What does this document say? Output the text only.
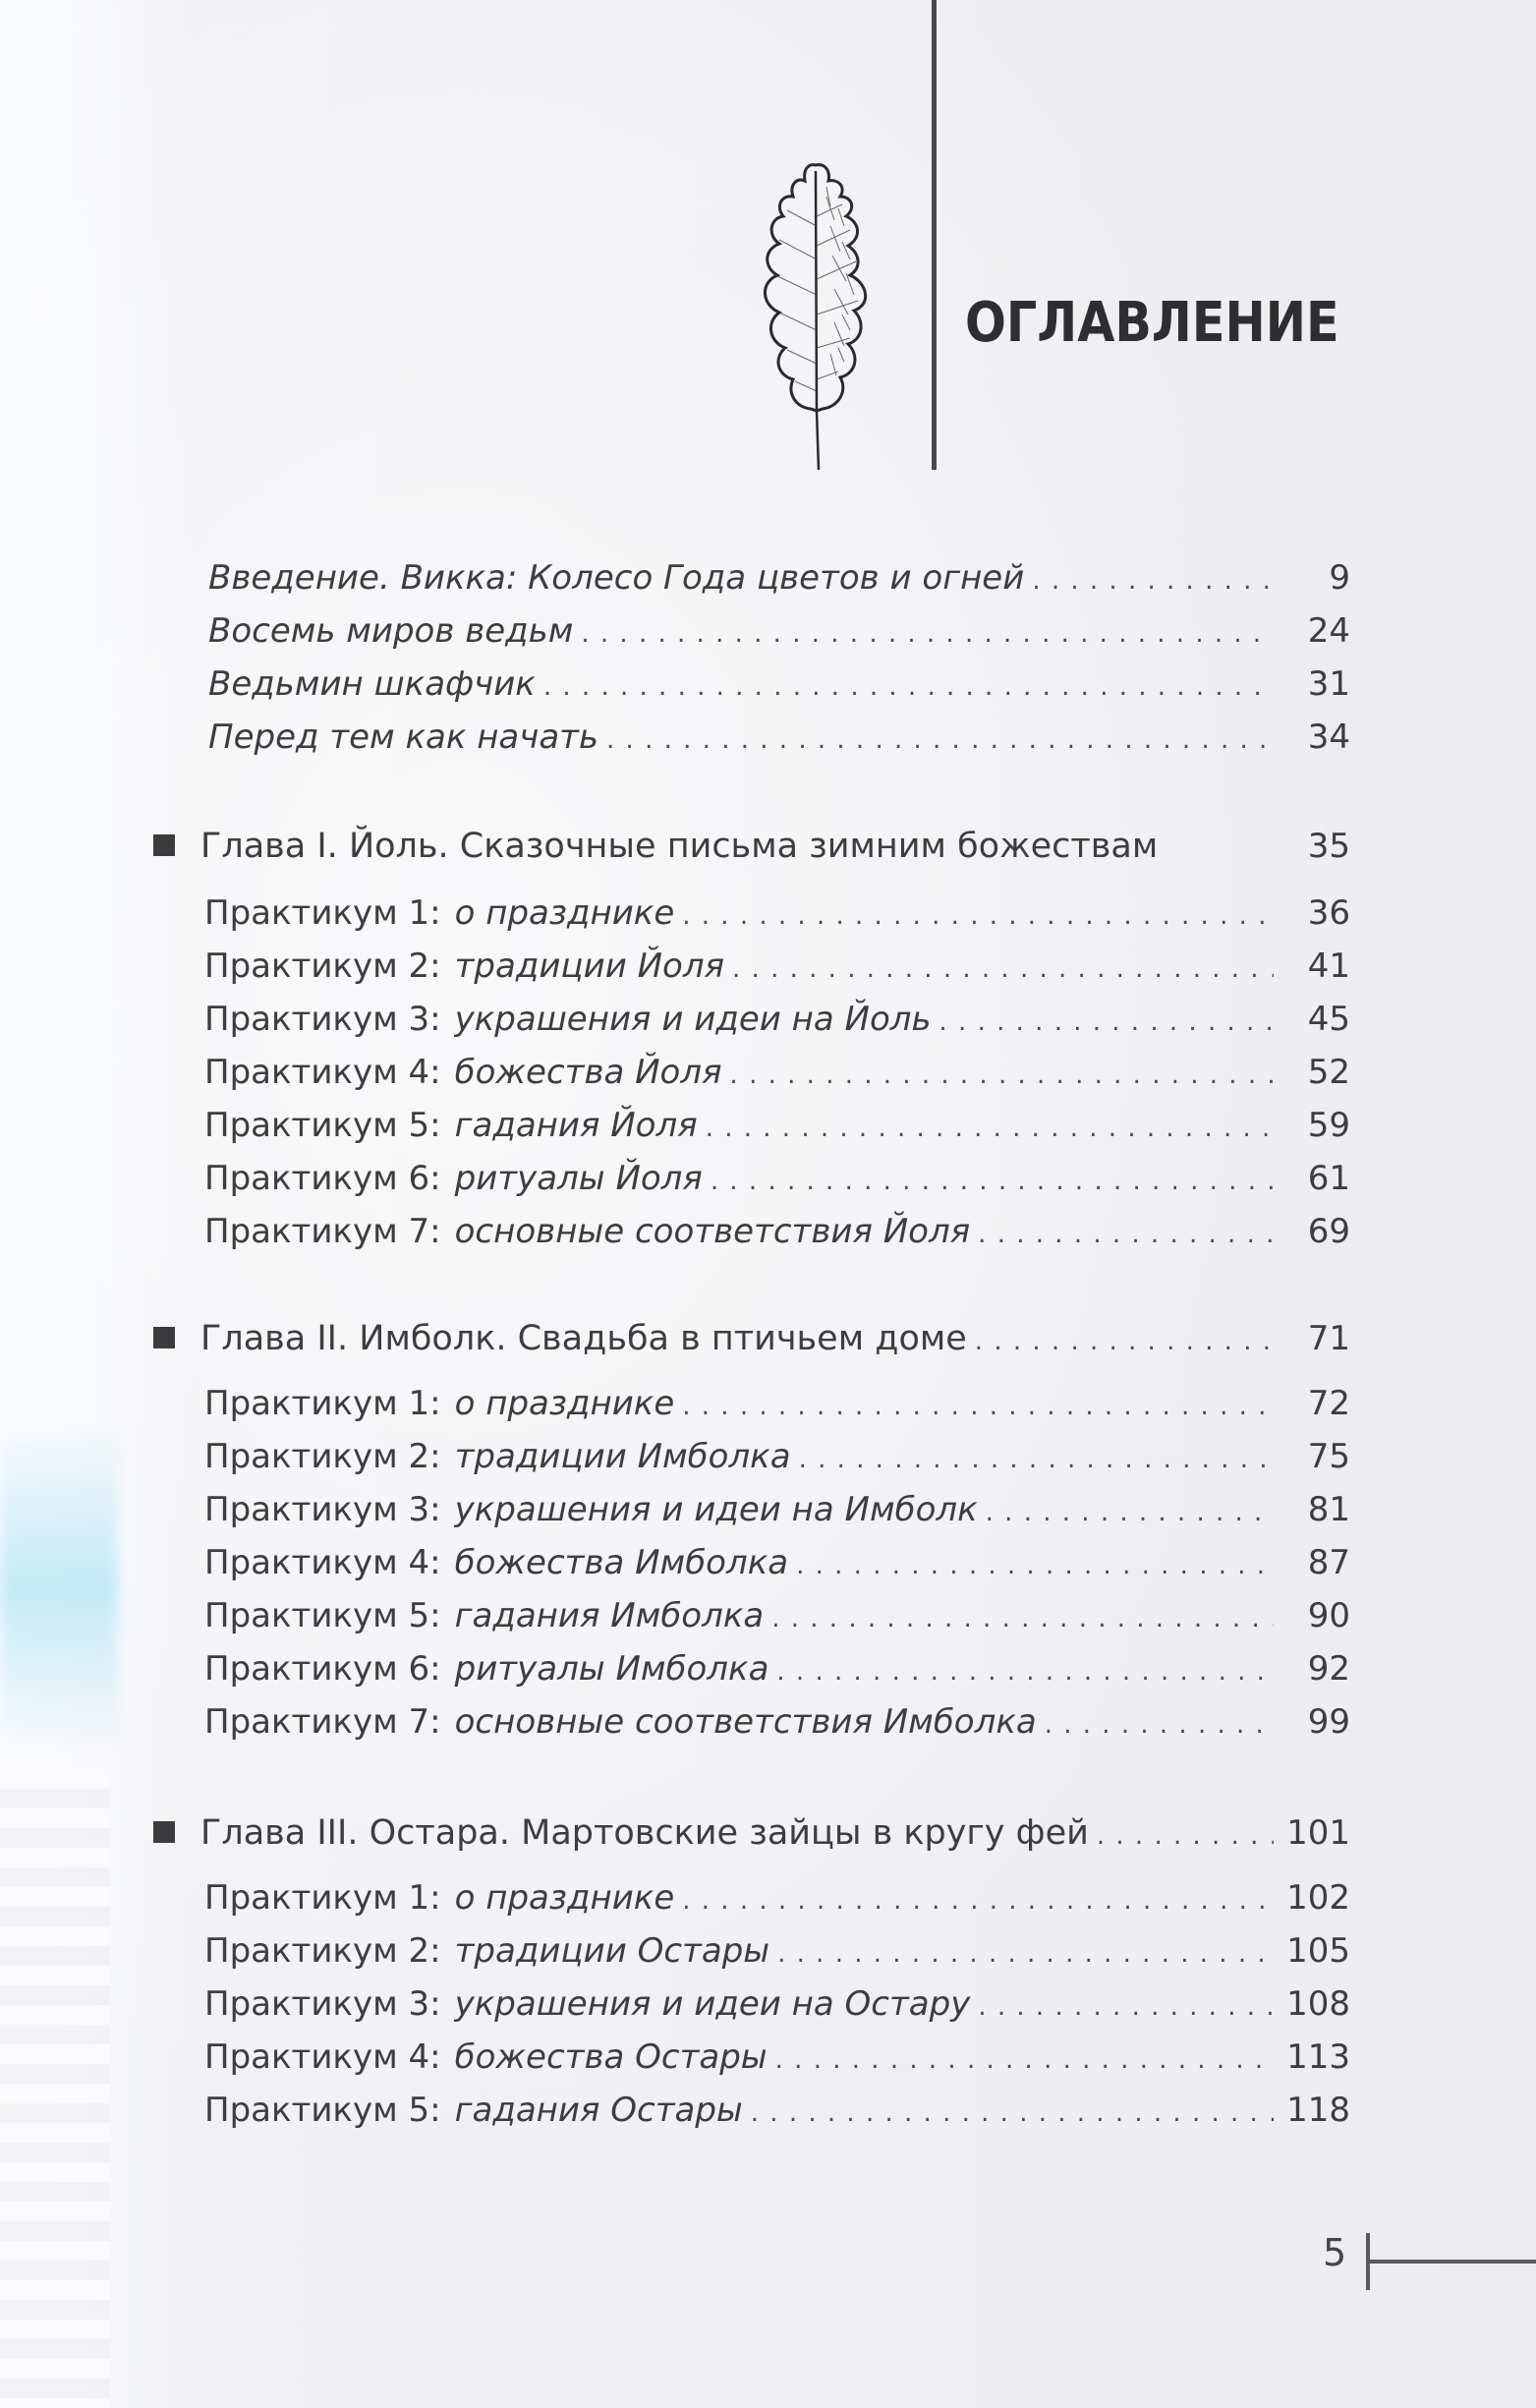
ОГЛАВЛЕНИЕ
Введение. Викка: Колесо Года цветов и огней . . .	9
Восемь миров ведьм . . .	24
Ведьмин шкафчик . . .	31
Перед тем как начать . . .	34
Глава I. Йоль. Сказочные письма зимним божествам	35
Практикум 1: о празднике . . .	36
Практикум 2: традиции Йоля . . .	41
Практикум 3: украшения и идеи на Йоль . . .	45
Практикум 4: божества Йоля . . .	52
Практикум 5: гадания Йоля . . .	59
Практикум 6: ритуалы Йоля . . .	61
Практикум 7: основные соответствия Йоля . . .	69
Глава II. Имболк. Свадьба в птичьем доме . . .	71
Практикум 1: о празднике . . .	72
Практикум 2: традиции Имболка . . .	75
Практикум 3: украшения и идеи на Имболк . . .	81
Практикум 4: божества Имболка . . .	87
Практикум 5: гадания Имболка . . .	90
Практикум 6: ритуалы Имболка . . .	92
Практикум 7: основные соответствия Имболка . . .	99
Глава III. Остара. Мартовские зайцы в кругу фей . . .	101
Практикум 1: о празднике . . .	102
Практикум 2: традиции Остары . . .	105
Практикум 3: украшения и идеи на Остару . . .	108
Практикум 4: божества Остары . . .	113
Практикум 5: гадания Остары . . .	118
5
